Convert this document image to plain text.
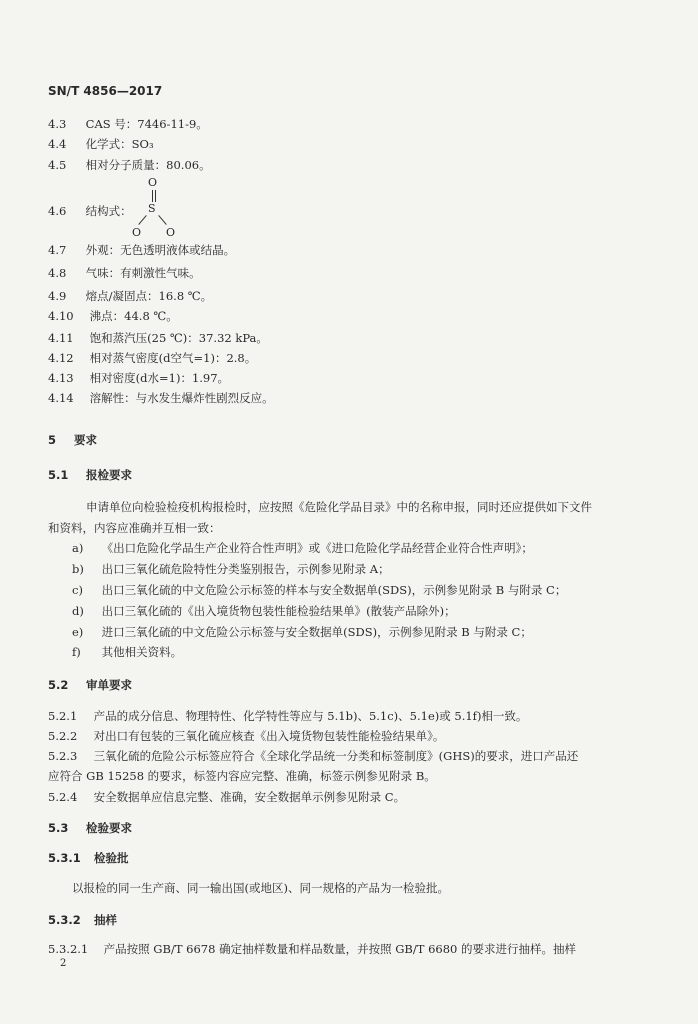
SN/T 4856—2017
4.3 CAS 号：7446-11-9。
4.4 化学式：SO₃
4.5 相对分子质量：80.06。
4.6 结构式：
O
S
O O
4.7 外观：无色透明液体或结晶。
4.8 气味：有刺激性气味。
4.9 熔点/凝固点：16.8 ℃。
4.10 沸点：44.8 ℃。
4.11 饱和蒸汽压(25 ℃)：37.32 kPa。
4.12 相对蒸气密度(d空气=1)：2.8。
4.13 相对密度(d水=1)：1.97。
4.14 溶解性：与水发生爆炸性剧烈反应。
5 要求
5.1 报检要求
申请单位向检验检疫机构报检时，应按照《危险化学品目录》中的名称申报，同时还应提供如下文件
和资料，内容应准确并互相一致：
a) 《出口危险化学品生产企业符合性声明》或《进口危险化学品经营企业符合性声明》；
b) 出口三氧化硫危险特性分类鉴别报告，示例参见附录 A；
c) 出口三氧化硫的中文危险公示标签的样本与安全数据单(SDS)，示例参见附录 B 与附录 C；
d) 出口三氧化硫的《出入境货物包装性能检验结果单》(散装产品除外)；
e) 进口三氧化硫的中文危险公示标签与安全数据单(SDS)，示例参见附录 B 与附录 C；
f) 其他相关资料。
5.2 审单要求
5.2.1 产品的成分信息、物理特性、化学特性等应与 5.1b)、5.1c)、5.1e)或 5.1f)相一致。
5.2.2 对出口有包装的三氧化硫应核查《出入境货物包装性能检验结果单》。
5.2.3 三氧化硫的危险公示标签应符合《全球化学品统一分类和标签制度》(GHS)的要求，进口产品还
应符合 GB 15258 的要求，标签内容应完整、准确，标签示例参见附录 B。
5.2.4 安全数据单应信息完整、准确，安全数据单示例参见附录 C。
5.3 检验要求
5.3.1 检验批
以报检的同一生产商、同一输出国(或地区)、同一规格的产品为一检验批。
5.3.2 抽样
5.3.2.1 产品按照 GB/T 6678 确定抽样数量和样品数量，并按照 GB/T 6680 的要求进行抽样。抽样
2
